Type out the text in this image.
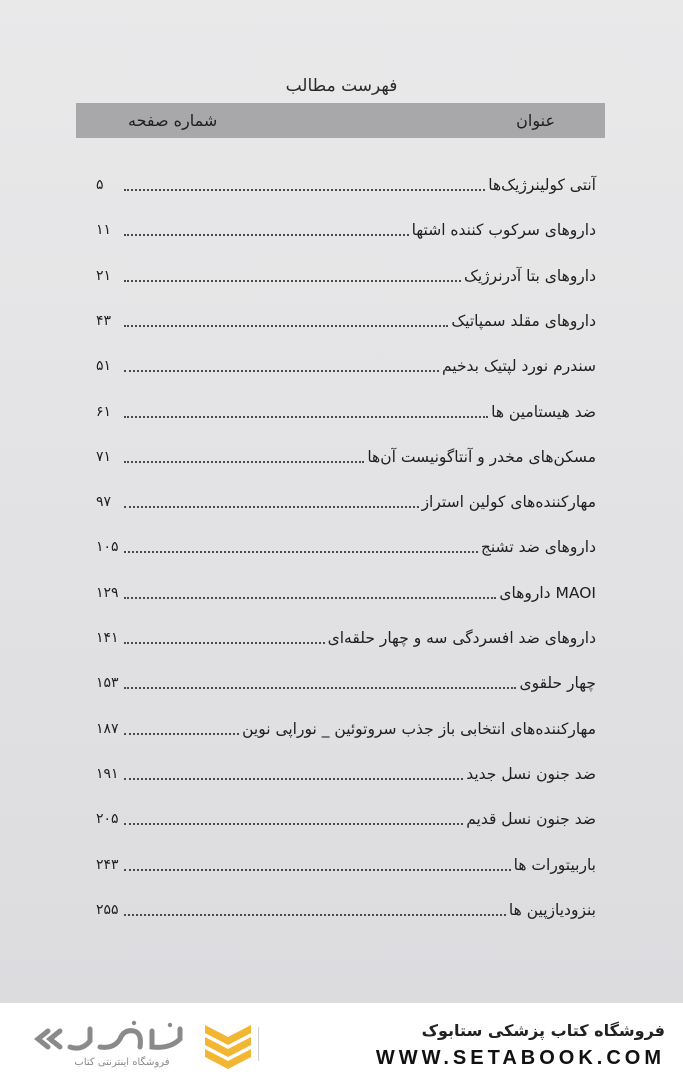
فهرست مطالب
عنوان
شماره صفحه
آنتی کولینرژیک‌ها
۵
داروهای سرکوب کننده اشتها
۱۱
داروهای بتا آدرنرژیک
۲۱
داروهای مقلد سمپاتیک
۴۳
سندرم نورد لپتیک بدخیم
۵۱
ضد هیستامین ها
۶۱
مسکن‌های مخدر و آنتاگونیست آن‌ها
۷۱
مهارکننده‌های کولین استراز
۹۷
داروهای ضد تشنج
۱۰۵
MAOI داروهای
۱۲۹
داروهای ضد افسردگی سه و چهار حلقه‌ای
۱۴۱
چهار حلقوی
۱۵۳
مهارکننده‌های انتخابی باز جذب سروتوئین _ نوراپی نوین
۱۸۷
ضد جنون نسل جدید
۱۹۱
ضد جنون نسل قدیم
۲۰۵
باربیتورات ها
۲۴۳
بنزودیازپین ها
۲۵۵
فروشگاه اینترنتی کتاب
فروشگاه کتاب پزشکی ستابوک
WWW.SETABOOK.COM
